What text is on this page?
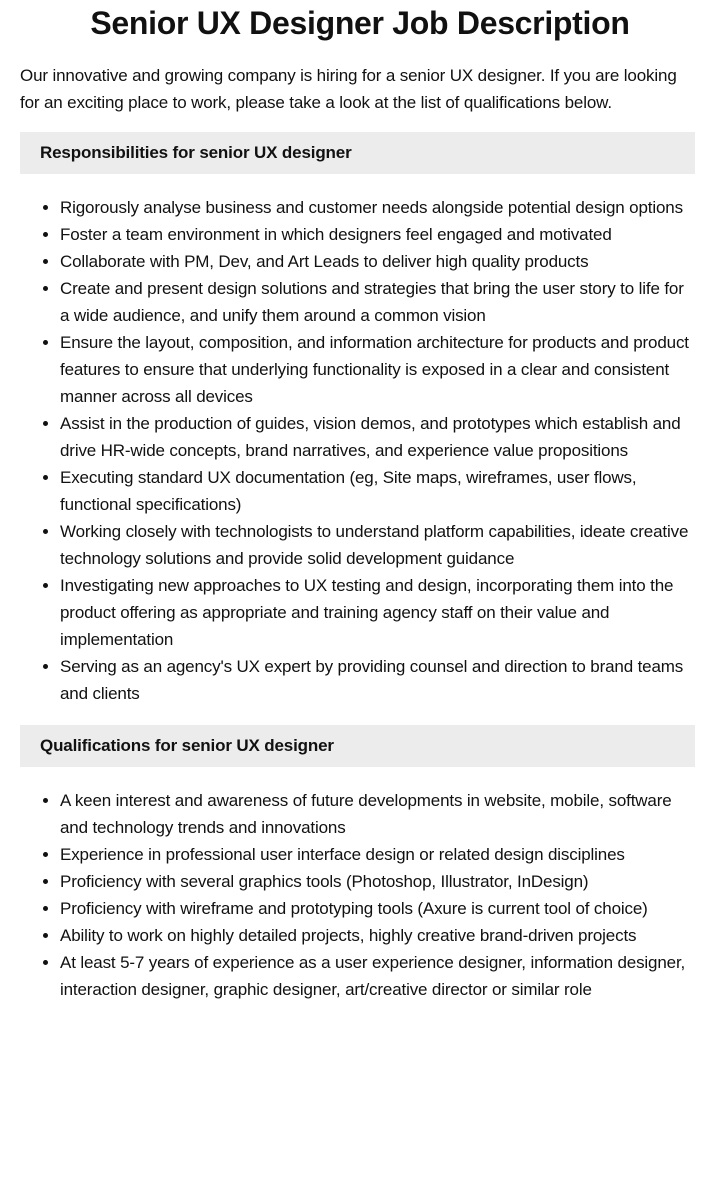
Senior UX Designer Job Description

Our innovative and growing company is hiring for a senior UX designer. If you are looking for an exciting place to work, please take a look at the list of qualifications below.

Responsibilities for senior UX designer
• Rigorously analyse business and customer needs alongside potential design options
• Foster a team environment in which designers feel engaged and motivated
• Collaborate with PM, Dev, and Art Leads to deliver high quality products
• Create and present design solutions and strategies that bring the user story to life for a wide audience, and unify them around a common vision
• Ensure the layout, composition, and information architecture for products and product features to ensure that underlying functionality is exposed in a clear and consistent manner across all devices
• Assist in the production of guides, vision demos, and prototypes which establish and drive HR-wide concepts, brand narratives, and experience value propositions
• Executing standard UX documentation (eg, Site maps, wireframes, user flows, functional specifications)
• Working closely with technologists to understand platform capabilities, ideate creative technology solutions and provide solid development guidance
• Investigating new approaches to UX testing and design, incorporating them into the product offering as appropriate and training agency staff on their value and implementation
• Serving as an agency's UX expert by providing counsel and direction to brand teams and clients
Qualifications for senior UX designer
• A keen interest and awareness of future developments in website, mobile, software and technology trends and innovations
• Experience in professional user interface design or related design disciplines
• Proficiency with several graphics tools (Photoshop, Illustrator, InDesign)
• Proficiency with wireframe and prototyping tools (Axure is current tool of choice)
• Ability to work on highly detailed projects, highly creative brand-driven projects
• At least 5-7 years of experience as a user experience designer, information designer, interaction designer, graphic designer, art/creative director or similar role
